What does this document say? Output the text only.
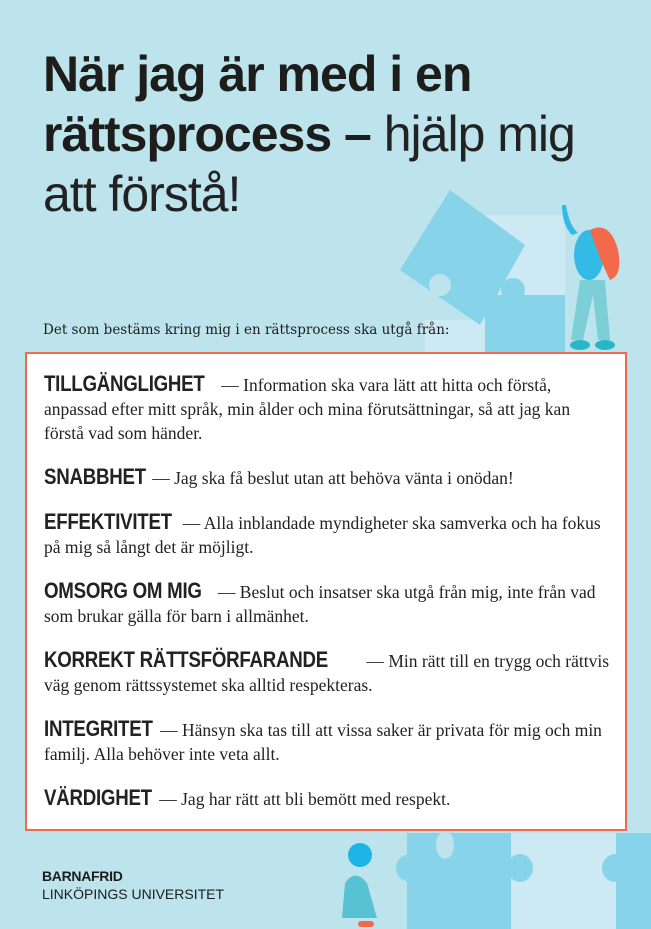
När jag är med i en
rättsprocess – hjälp mig
att förstå!
Det som bestäms kring mig i en rättsprocess ska utgå från:
TILLGÄNGLIGHET — Information ska vara lätt att hitta och förstå, anpassad efter mitt språk, min ålder och mina förutsättningar, så att jag kan förstå vad som händer.
SNABBHET — Jag ska få beslut utan att behöva vänta i onödan!
EFFEKTIVITET — Alla inblandade myndigheter ska samverka och ha fokus på mig så långt det är möjligt.
OMSORG OM MIG — Beslut och insatser ska utgå från mig, inte från vad som brukar gälla för barn i allmänhet.
KORREKT RÄTTSFÖRFARANDE — Min rätt till en trygg och rättvis väg genom rättssystemet ska alltid respekteras.
INTEGRITET — Hänsyn ska tas till att vissa saker är privata för mig och min familj. Alla behöver inte veta allt.
VÄRDIGHET — Jag har rätt att bli bemött med respekt.
BARNAFRID
LINKÖPINGS UNIVERSITET
